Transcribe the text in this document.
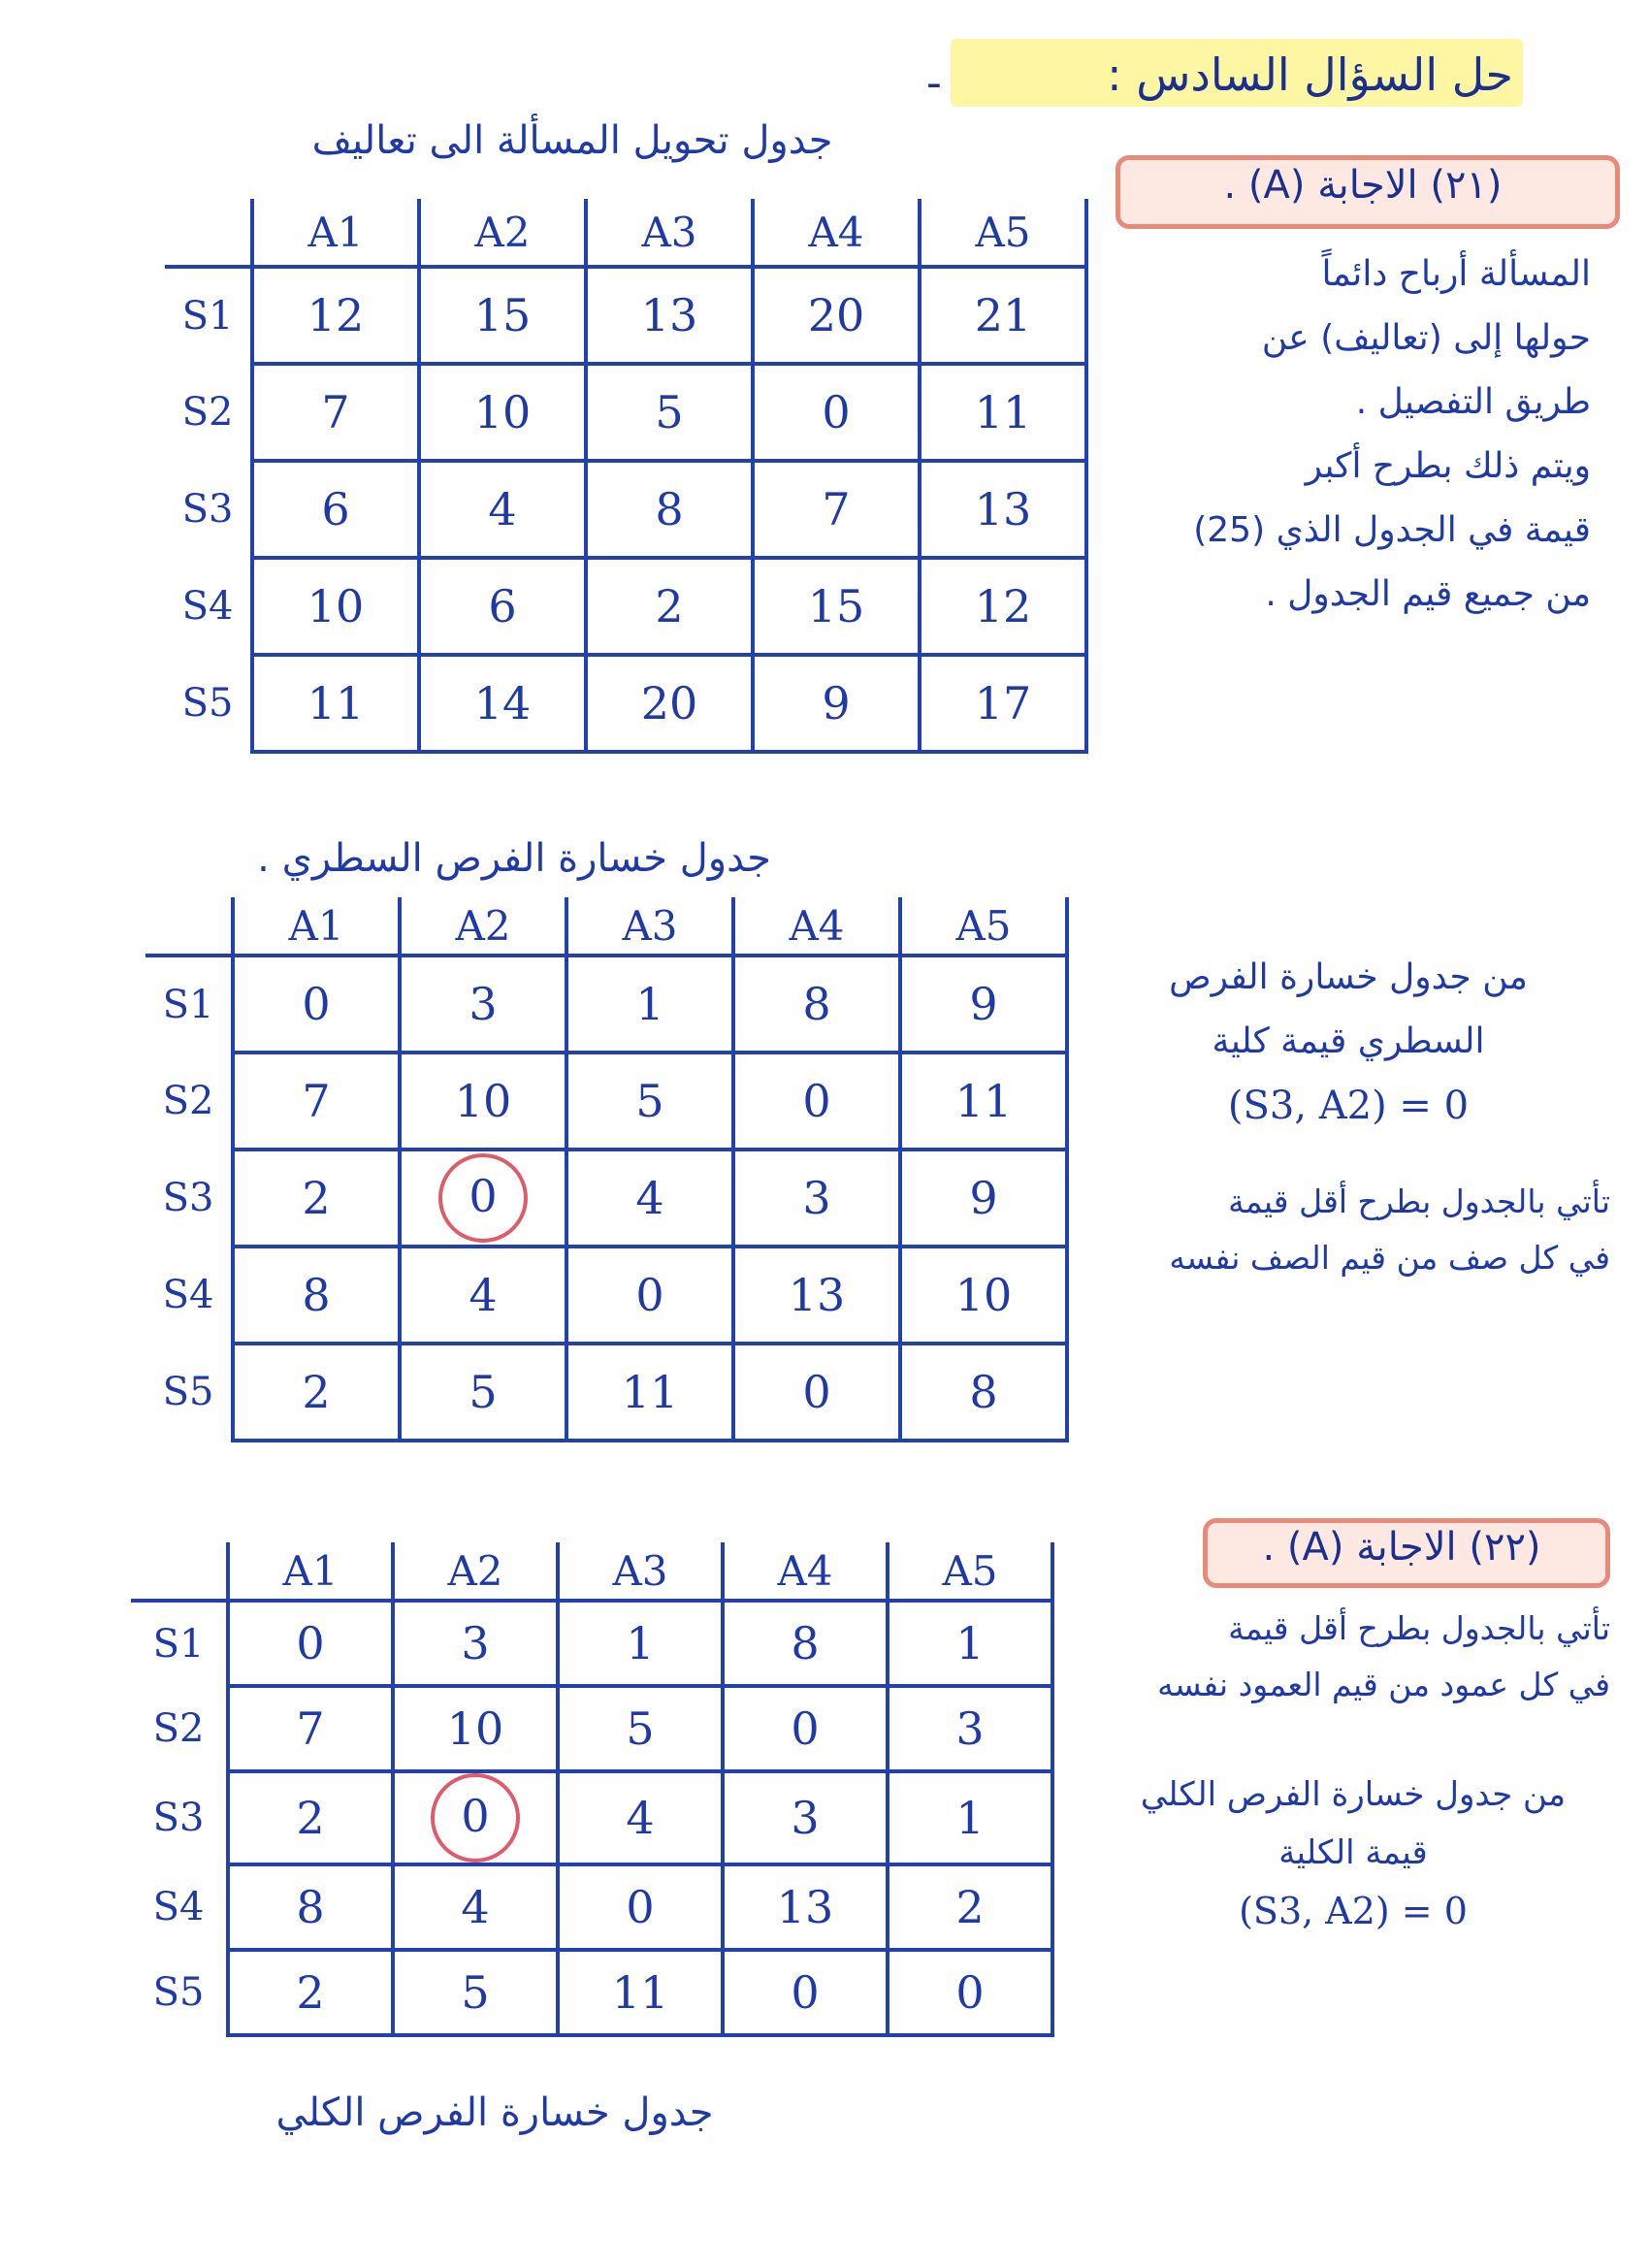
حل السؤال السادس :
-
جدول تحويل المسألة الى تعاليف
	A1	A2	A3	A4	A5
S1	12	15	13	20	21
S2	7	10	5	0	11
S3	6	4	8	7	13
S4	10	6	2	15	12
S5	11	14	20	9	17
(٢١) الاجابة (A) .
المسألة أرباح دائماً
حولها إلى (تعاليف) عن
طريق التفصيل .
ويتم ذلك بطرح أكبر
قيمة في الجدول الذي (25)
من جميع قيم الجدول .
جدول خسارة الفرص السطري .
	A1	A2	A3	A4	A5
S1	0	3	1	8	9
S2	7	10	5	0	11
S3	2	0	4	3	9
S4	8	4	0	13	10
S5	2	5	11	0	8
من جدول خسارة الفرص
السطري قيمة كلية
(S3, A2) = 0
تأتي بالجدول بطرح أقل قيمة
في كل صف من قيم الصف نفسه
	A1	A2	A3	A4	A5
S1	0	3	1	8	1
S2	7	10	5	0	3
S3	2	0	4	3	1
S4	8	4	0	13	2
S5	2	5	11	0	0
جدول خسارة الفرص الكلي
(٢٢) الاجابة (A) .
تأتي بالجدول بطرح أقل قيمة
في كل عمود من قيم العمود نفسه
من جدول خسارة الفرص الكلي
قيمة الكلية
(S3, A2) = 0
